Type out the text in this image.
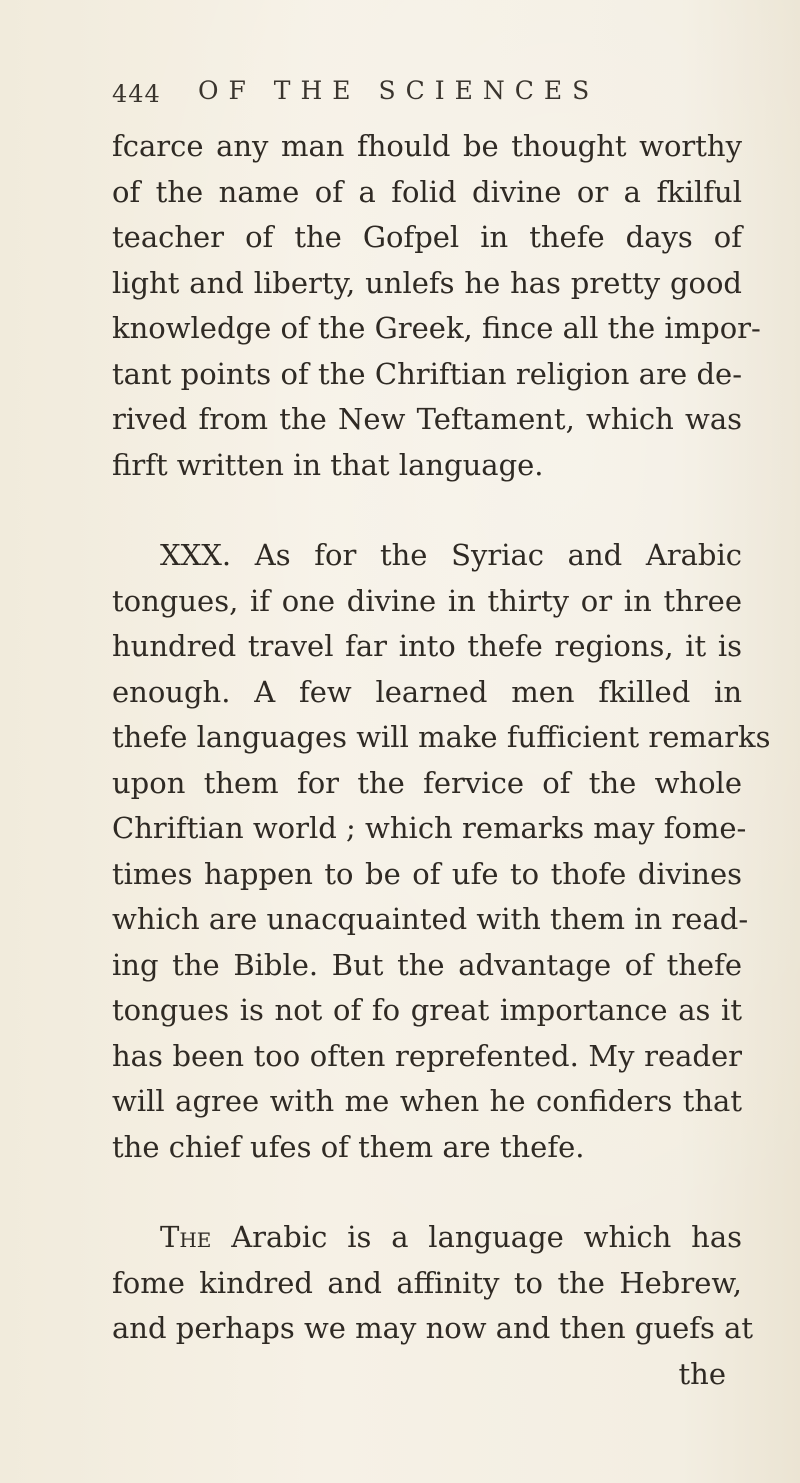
444 OF THE SCIENCES
fcarce any man fhould be thought worthy
of the name of a folid divine or a fkilful
teacher of the Gofpel in thefe days of
light and liberty, unlefs he has pretty good
knowledge of the Greek, fince all the impor-
tant points of the Chriftian religion are de-
rived from the New Teftament, which was
firft written in that language.
XXX. As for the Syriac and Arabic
tongues, if one divine in thirty or in three
hundred travel far into thefe regions, it is
enough. A few learned men fkilled in
thefe languages will make fufficient remarks
upon them for the fervice of the whole
Chriftian world ; which remarks may fome-
times happen to be of ufe to thofe divines
which are unacquainted with them in read-
ing the Bible. But the advantage of thefe
tongues is not of fo great importance as it
has been too often reprefented. My reader
will agree with me when he confiders that
the chief ufes of them are thefe.
The Arabic is a language which has
fome kindred and affinity to the Hebrew,
and perhaps we may now and then guefs at
the
